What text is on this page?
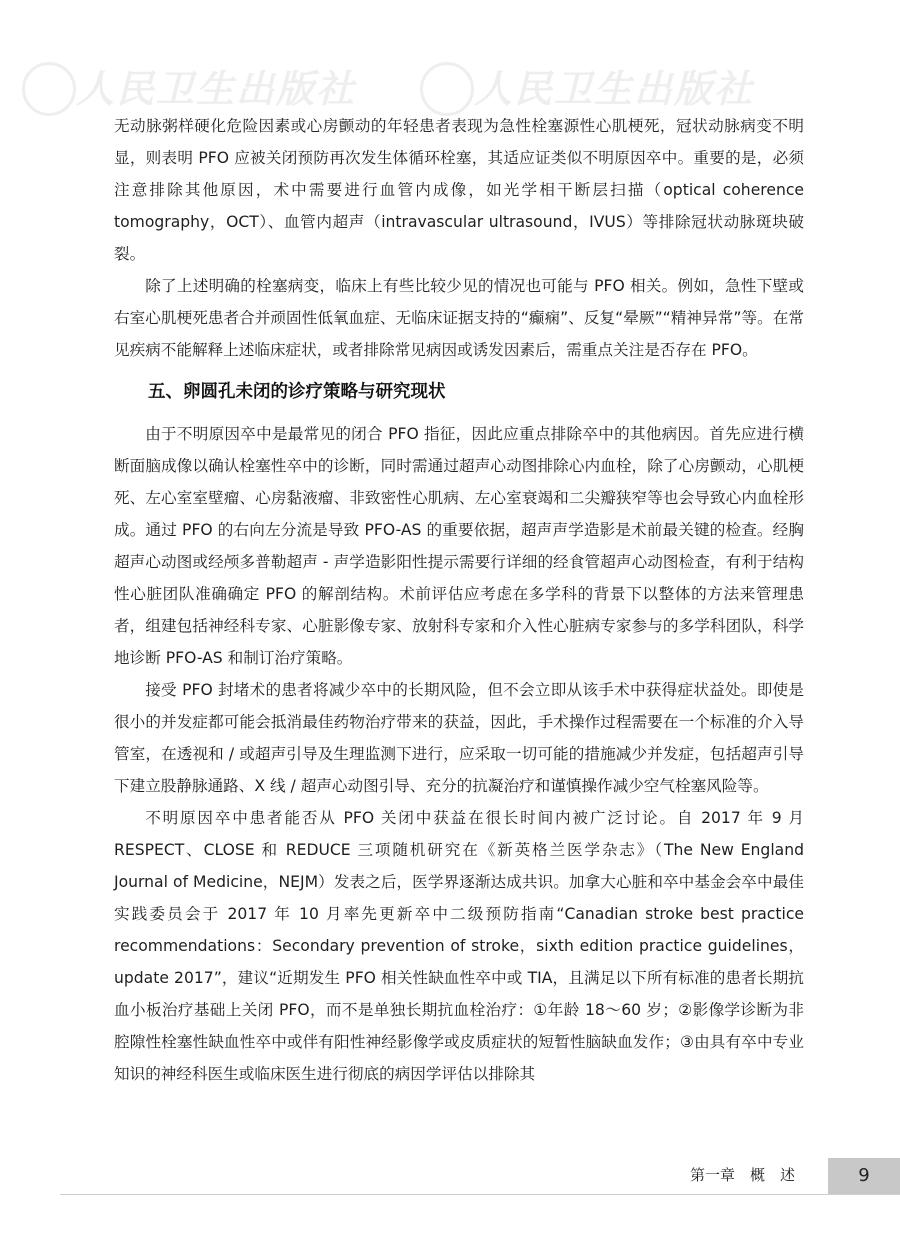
人民卫生出版社	人民卫生出版社

无动脉粥样硬化危险因素或心房颤动的年轻患者表现为急性栓塞源性心肌梗死，冠状动脉病变不明显，则表明 PFO 应被关闭预防再次发生体循环栓塞，其适应证类似不明原因卒中。重要的是，必须注意排除其他原因，术中需要进行血管内成像，如光学相干断层扫描（optical coherence tomography，OCT）、血管内超声（intravascular ultrasound，IVUS）等排除冠状动脉斑块破裂。

除了上述明确的栓塞病变，临床上有些比较少见的情况也可能与 PFO 相关。例如，急性下壁或右室心肌梗死患者合并顽固性低氧血症、无临床证据支持的“癫痫”、反复“晕厥”“精神异常”等。在常见疾病不能解释上述临床症状，或者排除常见病因或诱发因素后，需重点关注是否存在 PFO。

五、卵圆孔未闭的诊疗策略与研究现状

由于不明原因卒中是最常见的闭合 PFO 指征，因此应重点排除卒中的其他病因。首先应进行横断面脑成像以确认栓塞性卒中的诊断，同时需通过超声心动图排除心内血栓，除了心房颤动，心肌梗死、左心室室壁瘤、心房黏液瘤、非致密性心肌病、左心室衰竭和二尖瓣狭窄等也会导致心内血栓形成。通过 PFO 的右向左分流是导致 PFO-AS 的重要依据，超声声学造影是术前最关键的检查。经胸超声心动图或经颅多普勒超声 - 声学造影阳性提示需要行详细的经食管超声心动图检查，有利于结构性心脏团队准确确定 PFO 的解剖结构。术前评估应考虑在多学科的背景下以整体的方法来管理患者，组建包括神经科专家、心脏影像专家、放射科专家和介入性心脏病专家参与的多学科团队，科学地诊断 PFO-AS 和制订治疗策略。

接受 PFO 封堵术的患者将减少卒中的长期风险，但不会立即从该手术中获得症状益处。即使是很小的并发症都可能会抵消最佳药物治疗带来的获益，因此，手术操作过程需要在一个标准的介入导管室，在透视和 / 或超声引导及生理监测下进行，应采取一切可能的措施减少并发症，包括超声引导下建立股静脉通路、X 线 / 超声心动图引导、充分的抗凝治疗和谨慎操作减少空气栓塞风险等。

不明原因卒中患者能否从 PFO 关闭中获益在很长时间内被广泛讨论。自 2017 年 9 月 RESPECT、CLOSE 和 REDUCE 三项随机研究在《新英格兰医学杂志》（The New England Journal of Medicine，NEJM）发表之后，医学界逐渐达成共识。加拿大心脏和卒中基金会卒中最佳实践委员会于 2017 年 10 月率先更新卒中二级预防指南“Canadian stroke best practice recommendations：Secondary prevention of stroke，sixth edition practice guidelines，update 2017”，建议“近期发生 PFO 相关性缺血性卒中或 TIA，且满足以下所有标准的患者长期抗血小板治疗基础上关闭 PFO，而不是单独长期抗血栓治疗：①年龄 18～60 岁；②影像学诊断为非腔隙性栓塞性缺血性卒中或伴有阳性神经影像学或皮质症状的短暂性脑缺血发作；③由具有卒中专业知识的神经科医生或临床医生进行彻底的病因学评估以排除其

第一章　概　述	9
